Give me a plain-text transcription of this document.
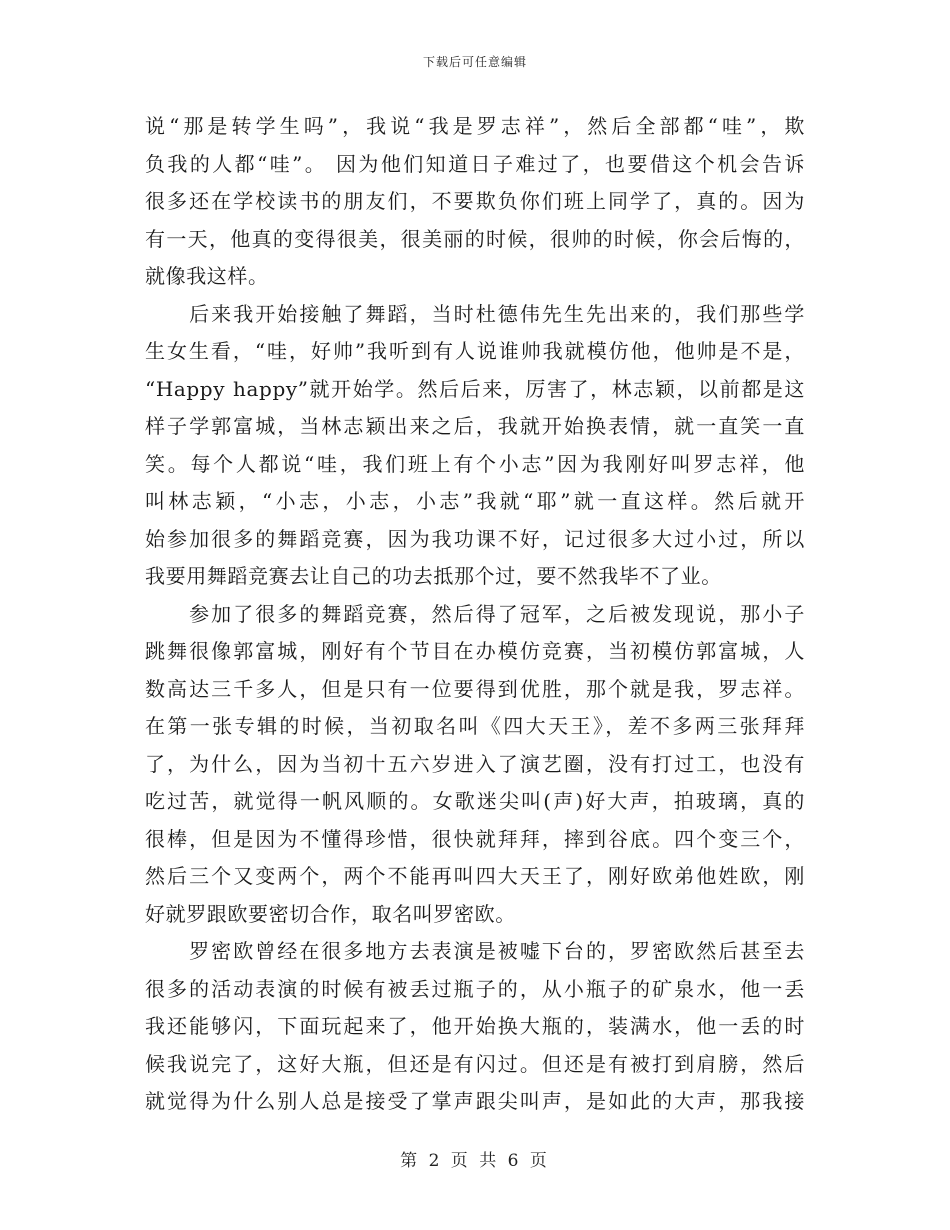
下载后可任意编辑
说“那是转学生吗”，我说“我是罗志祥”，然后全部都“哇”，欺
负我的人都“哇”。 因为他们知道日子难过了，也要借这个机会告诉
很多还在学校读书的朋友们，不要欺负你们班上同学了，真的。因为
有一天，他真的变得很美，很美丽的时候，很帅的时候，你会后悔的，
就像我这样。
　　后来我开始接触了舞蹈，当时杜德伟先生先出来的，我们那些学
生女生看，“哇，好帅”我听到有人说谁帅我就模仿他，他帅是不是，
“Happy happy”就开始学。然后后来，厉害了，林志颖，以前都是这
样子学郭富城，当林志颖出来之后，我就开始换表情，就一直笑一直
笑。每个人都说“哇，我们班上有个小志”因为我刚好叫罗志祥，他
叫林志颖，“小志，小志，小志”我就“耶”就一直这样。然后就开
始参加很多的舞蹈竞赛，因为我功课不好，记过很多大过小过，所以
我要用舞蹈竞赛去让自己的功去抵那个过，要不然我毕不了业。
　　参加了很多的舞蹈竞赛，然后得了冠军，之后被发现说，那小子
跳舞很像郭富城，刚好有个节目在办模仿竞赛，当初模仿郭富城，人
数高达三千多人，但是只有一位要得到优胜，那个就是我，罗志祥。
在第一张专辑的时候，当初取名叫《四大天王》，差不多两三张拜拜
了，为什么，因为当初十五六岁进入了演艺圈，没有打过工，也没有
吃过苦，就觉得一帆风顺的。女歌迷尖叫(声)好大声，拍玻璃，真的
很棒，但是因为不懂得珍惜，很快就拜拜，摔到谷底。四个变三个，
然后三个又变两个，两个不能再叫四大天王了，刚好欧弟他姓欧，刚
好就罗跟欧要密切合作，取名叫罗密欧。
　　罗密欧曾经在很多地方去表演是被嘘下台的，罗密欧然后甚至去
很多的活动表演的时候有被丢过瓶子的，从小瓶子的矿泉水，他一丢
我还能够闪，下面玩起来了，他开始换大瓶的，装满水，他一丢的时
候我说完了，这好大瓶，但还是有闪过。但还是有被打到肩膀，然后
就觉得为什么别人总是接受了掌声跟尖叫声，是如此的大声，那我接
第 2 页 共 6 页
